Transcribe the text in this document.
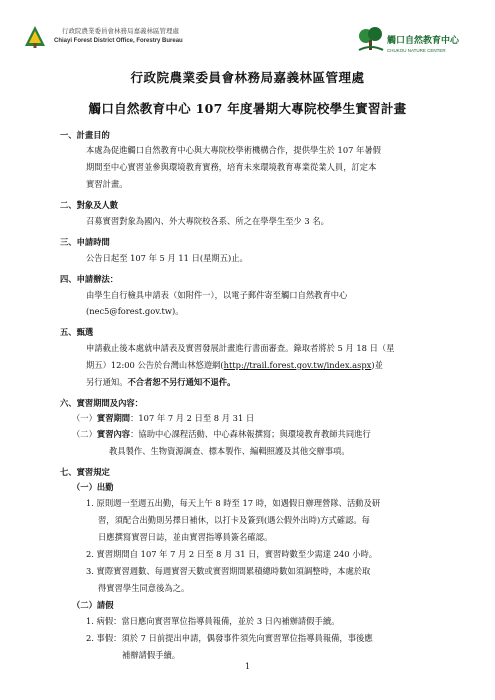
行政院農業委員會林務局嘉義林區管理處
Chiayi Forest District Office, Forestry Bureau	觸口自然教育中心
CHUKOU NATURE CENTER
行政院農業委員會林務局嘉義林區管理處
觸口自然教育中心 107 年度暑期大專院校學生實習計畫
一、計畫目的
本處為促進觸口自然教育中心與大專院校學術機構合作，提供學生於 107 年暑假
期間至中心實習並參與環境教育實務，培育未來環境教育專業從業人員，訂定本
實習計畫。
二、對象及人數
召募實習對象為國內、外大專院校各系、所之在學學生至少 3 名。
三、申請時間
公告日起至 107 年 5 月 11 日(星期五)止。
四、申請辦法：
由學生自行檢具申請表（如附件一），以電子郵件寄至觸口自然教育中心
(nec5@forest.gov.tw)。
五、甄選
申請截止後本處就申請表及實習發展計畫進行書面審查。錄取者將於 5 月 18 日（星
期五）12:00 公告於台灣山林悠遊網(http://trail.forest.gov.tw/index.aspx)並
另行通知。不合者恕不另行通知不退件。
六、實習期間及內容：
（一）實習期間：107 年 7 月 2 日至 8 月 31 日
（二）實習內容：協助中心課程活動、中心森林報撰寫；與環境教育教師共同進行
教具製作、生物資源調查、標本製作、編輯照護及其他交辦事項。
七、實習規定
（一）出勤
1. 原則週一至週五出勤，每天上午 8 時至 17 時，如遇假日辦理營隊、活動及研
習，須配合出勤則另擇日補休，以打卡及簽到(遇公假外出時)方式確認。每
日應撰寫實習日誌，並由實習指導員簽名確認。
2. 實習期間自 107 年 7 月 2 日至 8 月 31 日，實習時數至少需達 240 小時。
3. 實際實習週數、每週實習天數或實習期間累積總時數如須調整時，本處於取
得實習學生同意後為之。
（二）請假
1. 病假：當日應向實習單位指導員報備，並於 3 日內補辦請假手續。
2. 事假：須於 7 日前提出申請，偶發事件須先向實習單位指導員報備，事後應
補辦請假手續。
1
